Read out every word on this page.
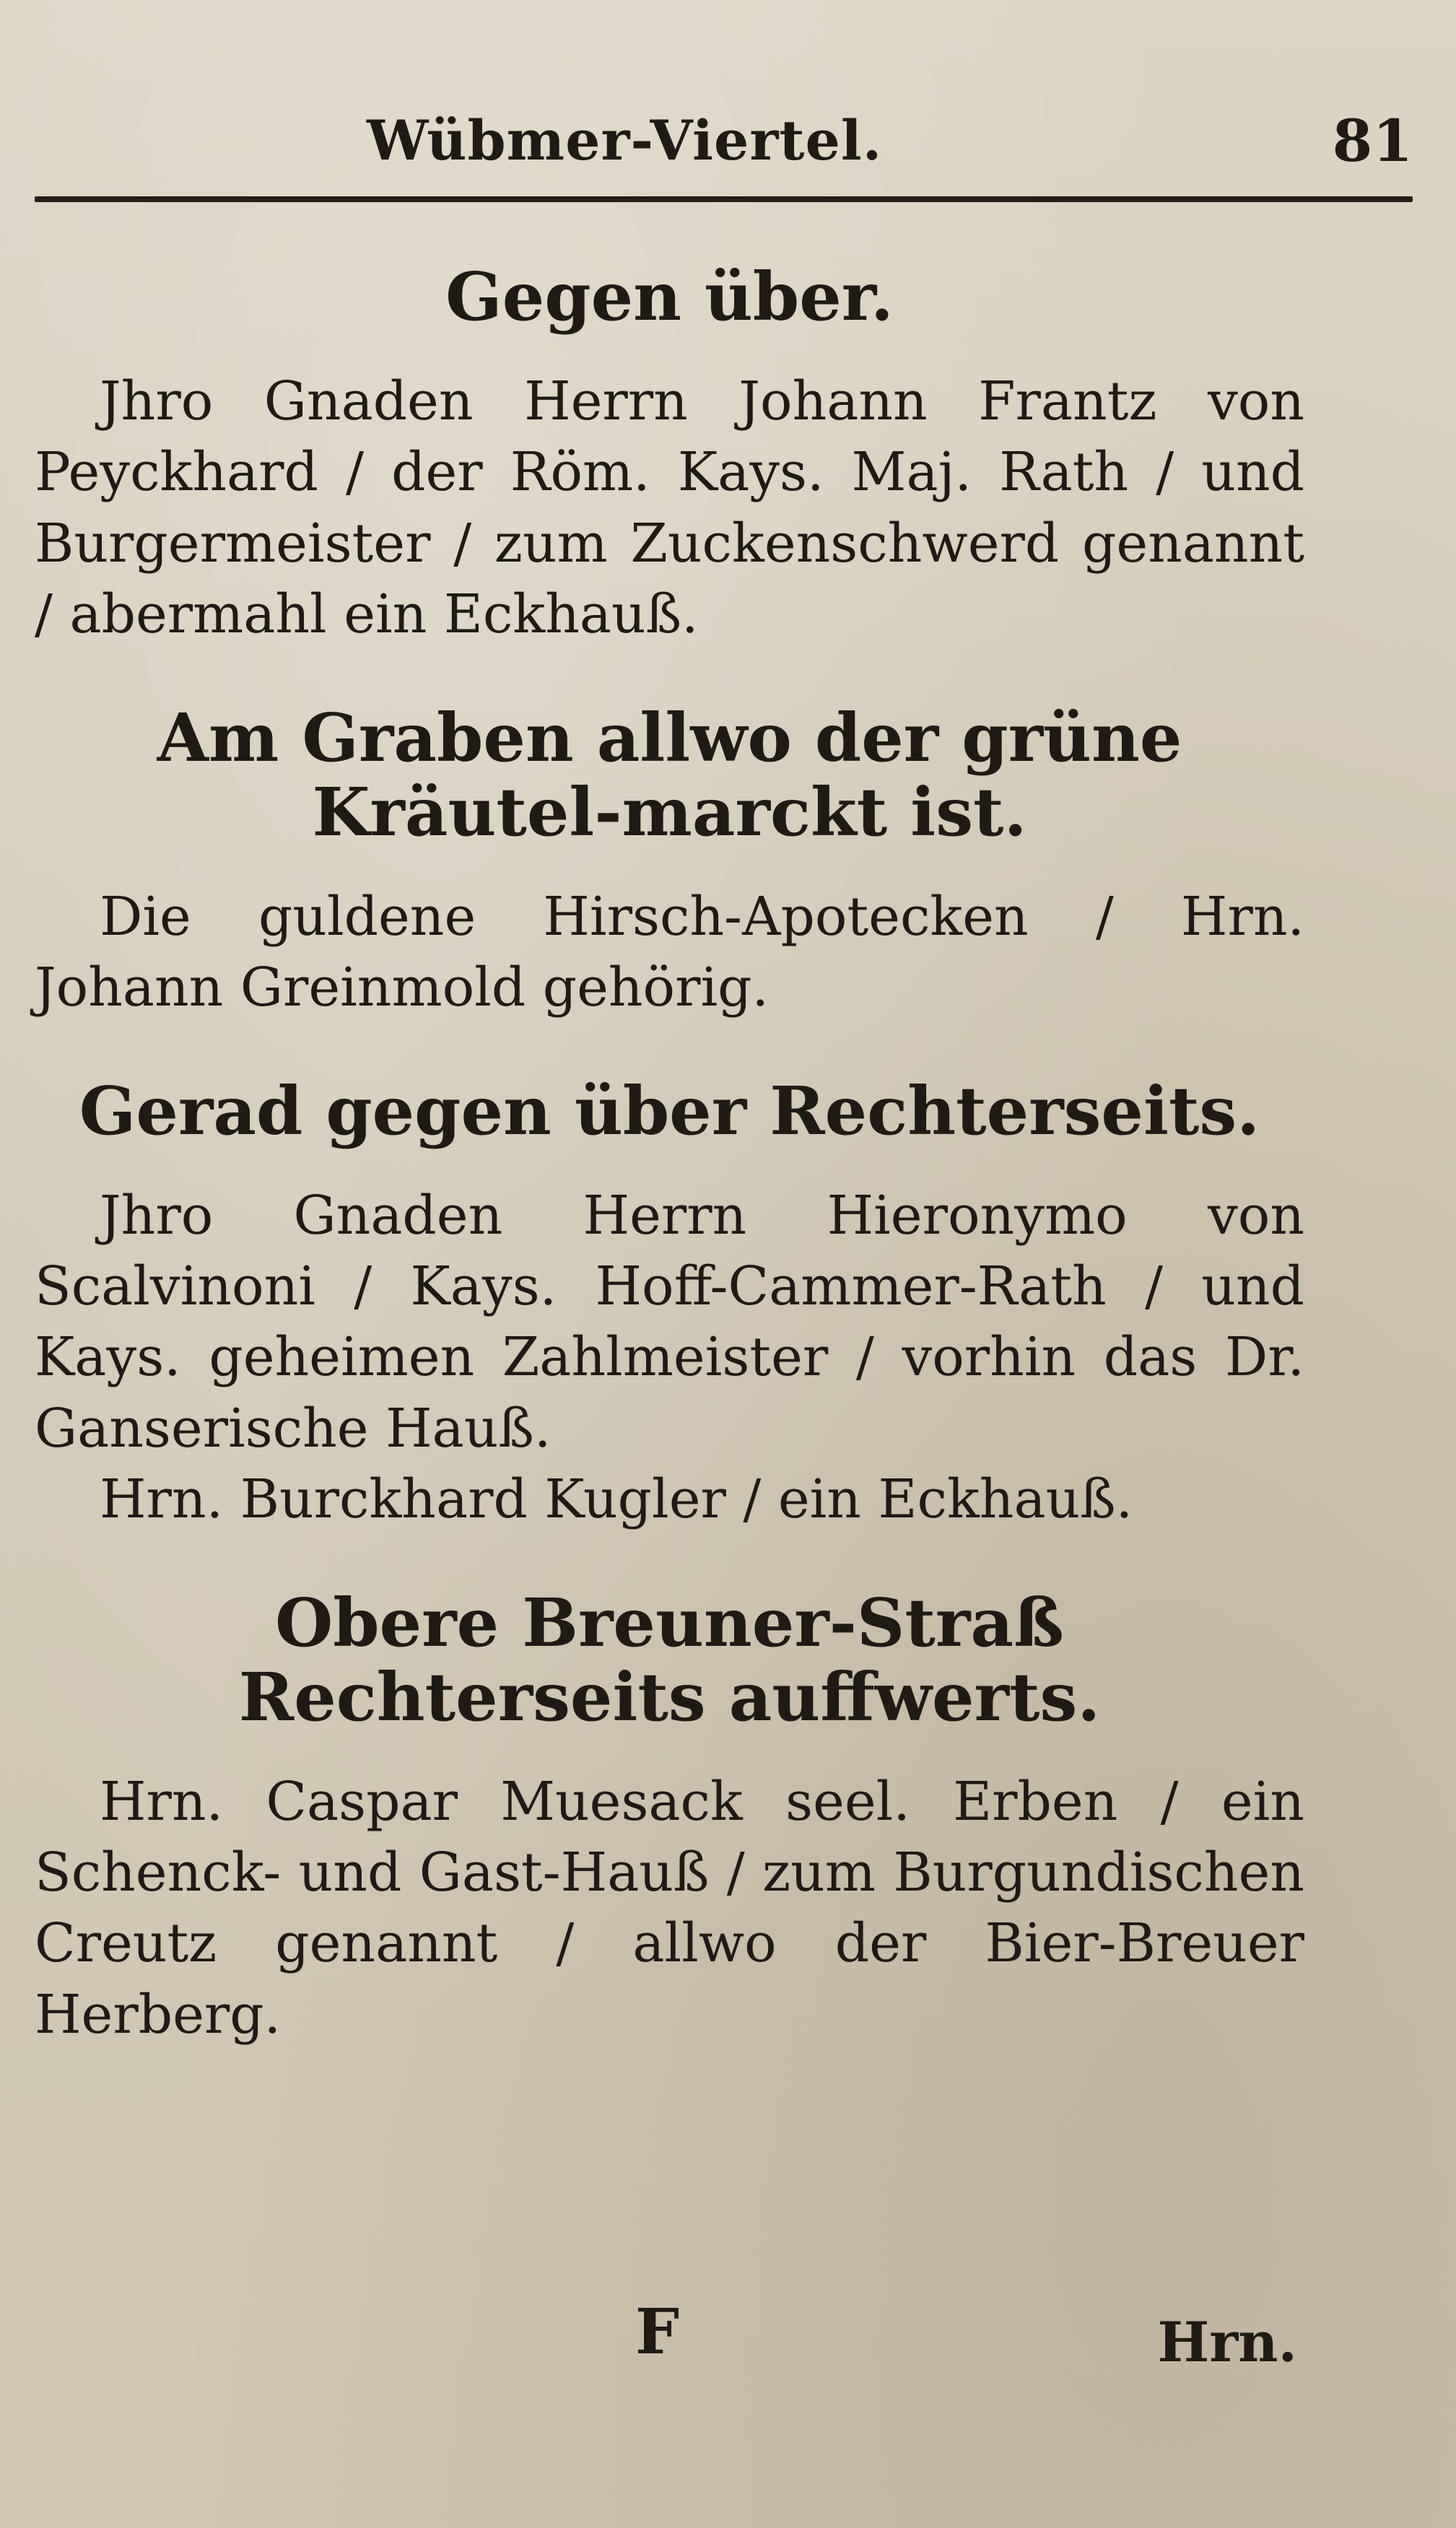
Wübmer-Viertel.	81
Gegen über.

Jhro Gnaden Herrn Johann Frantz von Peyckhard / der Röm. Kays. Maj. Rath / und Burgermeister / zum Zuckenschwerd genannt / abermahl ein Eckhauß.

Am Graben allwo der grüne Kräutel-marckt ist.

Die guldene Hirsch-Apotecken / Hrn. Johann Greinmold gehörig.

Gerad gegen über Rechterseits.

Jhro Gnaden Herrn Hieronymo von Scalvinoni / Kays. Hoff-Cammer-Rath / und Kays. geheimen Zahlmeister / vorhin das Dr. Ganserische Hauß.

Hrn. Burckhard Kugler / ein Eckhauß.

Obere Breuner-Straß Rechterseits auffwerts.

Hrn. Caspar Muesack seel. Erben / ein Schenck- und Gast-Hauß / zum Burgundischen Creutz genannt / allwo der Bier-Breuer Herberg.

F	Hrn.
